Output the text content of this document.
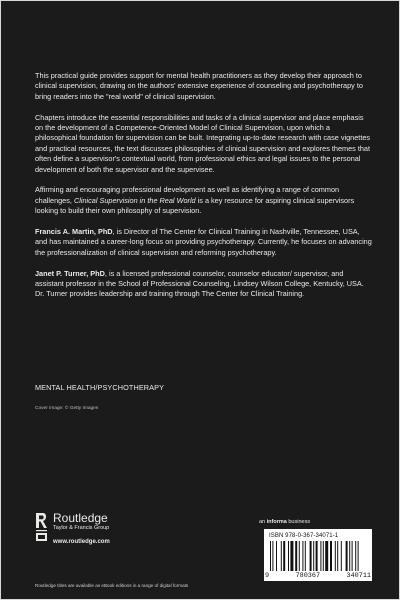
This practical guide provides support for mental health practitioners as they develop their approach to clinical supervision, drawing on the authors' extensive experience of counseling and psychotherapy to bring readers into the "real world" of clinical supervision.

Chapters introduce the essential responsibilities and tasks of a clinical supervisor and place emphasis on the development of a Competence-Oriented Model of Clinical Supervision, upon which a philosophical foundation for supervision can be built. Integrating up-to-date research with case vignettes and practical resources, the text discusses philosophies of clinical supervision and explores themes that often define a supervisor's contextual world, from professional ethics and legal issues to the personal development of both the supervisor and the supervisee.

Affirming and encouraging professional development as well as identifying a range of common challenges, Clinical Supervision in the Real World is a key resource for aspiring clinical supervisors looking to build their own philosophy of supervision.

Francis A. Martin, PhD, is Director of The Center for Clinical Training in Nashville, Tennessee, USA, and has maintained a career-long focus on providing psychotherapy. Currently, he focuses on advancing the professionalization of clinical supervision and reforming psychotherapy.

Janet P. Turner, PhD, is a licensed professional counselor, counselor educator/ supervisor, and assistant professor in the School of Professional Counseling, Lindsey Wilson College, Kentucky, USA. Dr. Turner provides leadership and training through The Center for Clinical Training.

MENTAL HEALTH/PSYCHOTHERAPY
Cover image: © Getty Images
Routledge
Taylor & Francis Group
www.routledge.com
an informa business
ISBN 978-0-367-34071-1
9	780367	340711
Routledge titles are available as eBook editions in a range of digital formats
